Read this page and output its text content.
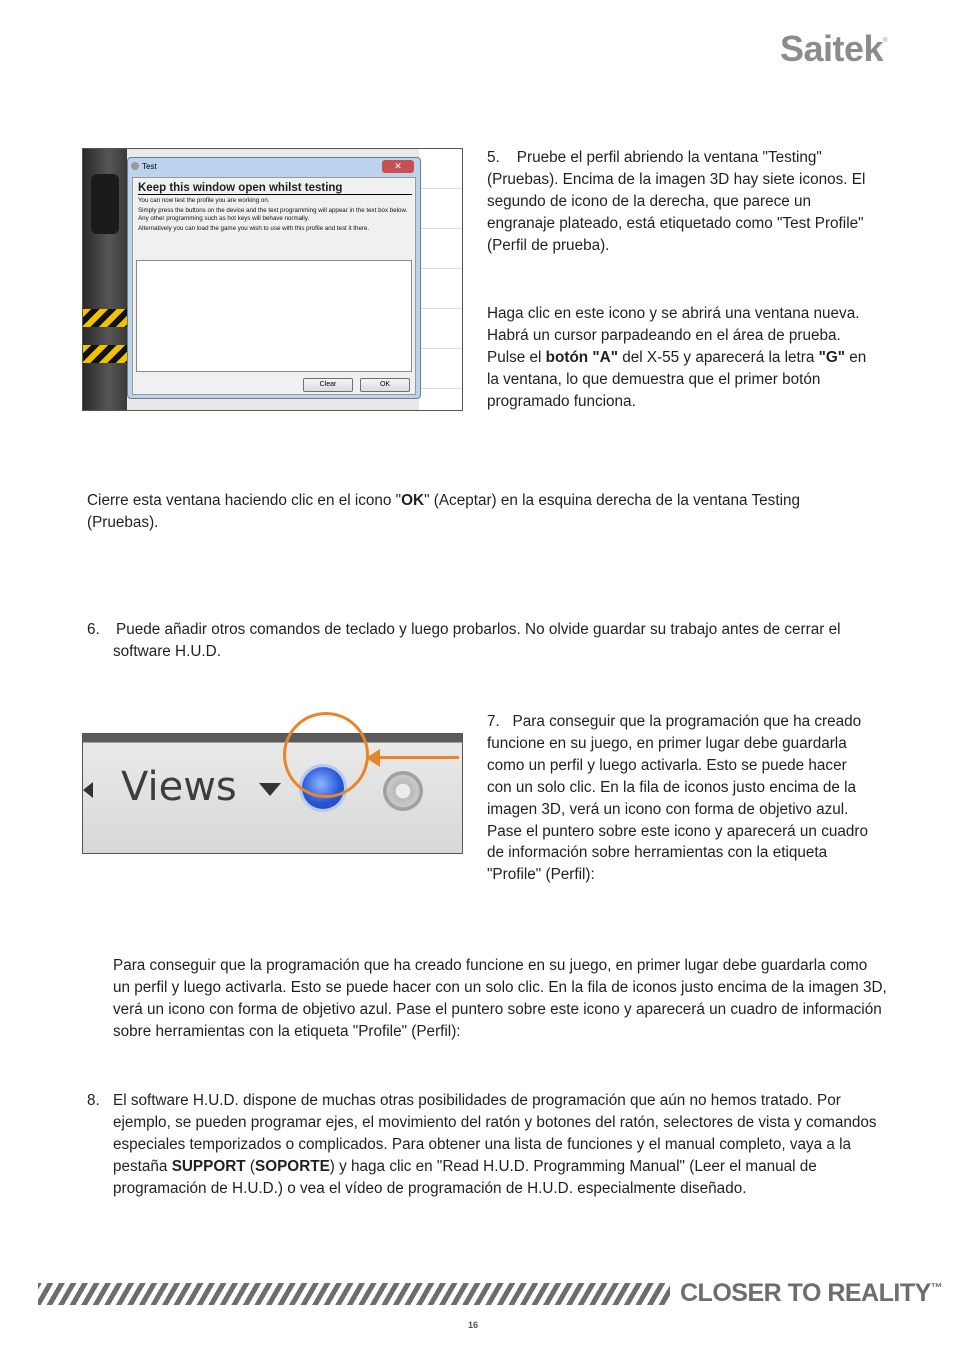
Saitek®
Test	✕
Keep this window open whilst testing
You can now test the profile you are working on.
Simply press the buttons on the device and the text programming will appear in the text box below. Any other programming such as hot keys will behave normally.
Alternatively you can load the game you wish to use with this profile and test it there.
Clear	OK
5. Pruebe el perfil abriendo la ventana "Testing" (Pruebas). Encima de la imagen 3D hay siete iconos. El segundo de icono de la derecha, que parece un engranaje plateado, está etiquetado como "Test Profile" (Perfil de prueba).
Haga clic en este icono y se abrirá una ventana nueva. Habrá un cursor parpadeando en el área de prueba. Pulse el botón "A" del X-55 y aparecerá la letra "G" en la ventana, lo que demuestra que el primer botón programado funciona.
Cierre esta ventana haciendo clic en el icono "OK" (Aceptar) en la esquina derecha de la ventana Testing (Pruebas).
6.	Puede añadir otros comandos de teclado y luego probarlos. No olvide guardar su trabajo antes de cerrar el software H.U.D.
Views
7. Para conseguir que la programación que ha creado funcione en su juego, en primer lugar debe guardarla como un perfil y luego activarla. Esto se puede hacer con un solo clic. En la fila de iconos justo encima de la imagen 3D, verá un icono con forma de objetivo azul. Pase el puntero sobre este icono y aparecerá un cuadro de información sobre herramientas con la etiqueta "Profile" (Perfil):
Para conseguir que la programación que ha creado funcione en su juego, en primer lugar debe guardarla como un perfil y luego activarla. Esto se puede hacer con un solo clic. En la fila de iconos justo encima de la imagen 3D, verá un icono con forma de objetivo azul. Pase el puntero sobre este icono y aparecerá un cuadro de información sobre herramientas con la etiqueta "Profile" (Perfil):
8. El software H.U.D. dispone de muchas otras posibilidades de programación que aún no hemos tratado. Por ejemplo, se pueden programar ejes, el movimiento del ratón y botones del ratón, selectores de vista y comandos especiales temporizados o complicados. Para obtener una lista de funciones y el manual completo, vaya a la pestaña SUPPORT (SOPORTE) y haga clic en "Read H.U.D. Programming Manual" (Leer el manual de programación de H.U.D.) o vea el vídeo de programación de H.U.D. especialmente diseñado.
CLOSER TO REALITY™
16
